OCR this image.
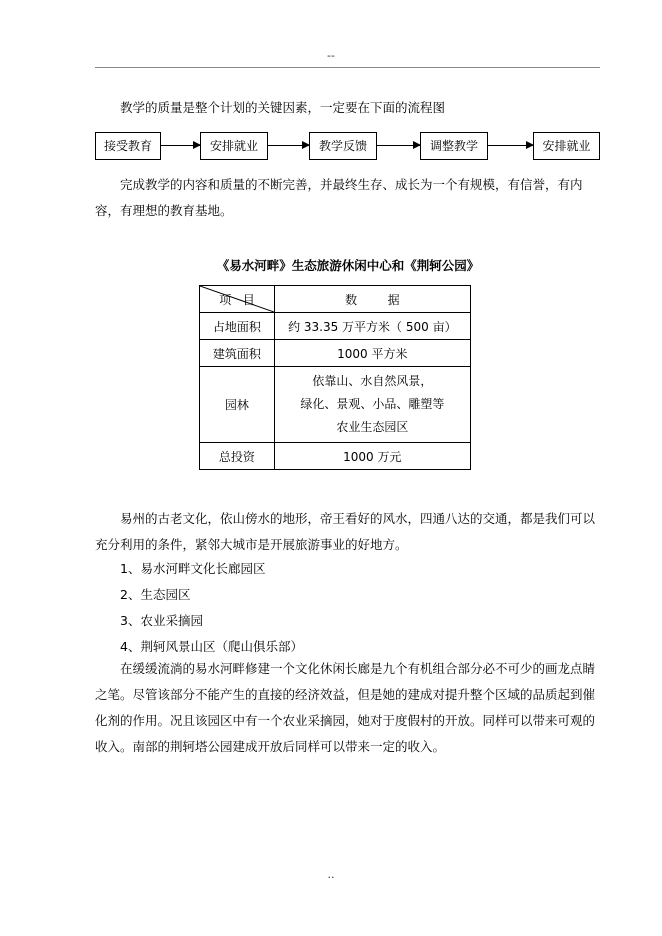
--

教学的质量是整个计划的关键因素，一定要在下面的流程图

接受教育	安排就业	教学反馈	调整教学	安排就业

完成教学的内容和质量的不断完善，并最终生存、成长为一个有规模，有信誉，有内容，有理想的教育基地。

《易水河畔》生态旅游休闲中心和《荆轲公园》
项   目	数        据
占地面积	约 33.35 万平方米（ 500 亩）
建筑面积	1000 平方米
园林	依靠山、水自然风景，
绿化、景观、小品、雕塑等
农业生态园区

总投资	1000 万元

易州的古老文化，依山傍水的地形，帝王看好的风水，四通八达的交通，都是我们可以充分利用的条件，紧邻大城市是开展旅游事业的好地方。

1、易水河畔文化长廊园区
2、生态园区
3、农业采摘园
4、荆轲风景山区（爬山俱乐部）

在缓缓流淌的易水河畔修建一个文化休闲长廊是九个有机组合部分必不可少的画龙点睛之笔。尽管该部分不能产生的直接的经济效益，但是她的建成对提升整个区域的品质起到催化剂的作用。况且该园区中有一个农业采摘园，她对于度假村的开放。同样可以带来可观的收入。南部的荆轲塔公园建成开放后同样可以带来一定的收入。

..
